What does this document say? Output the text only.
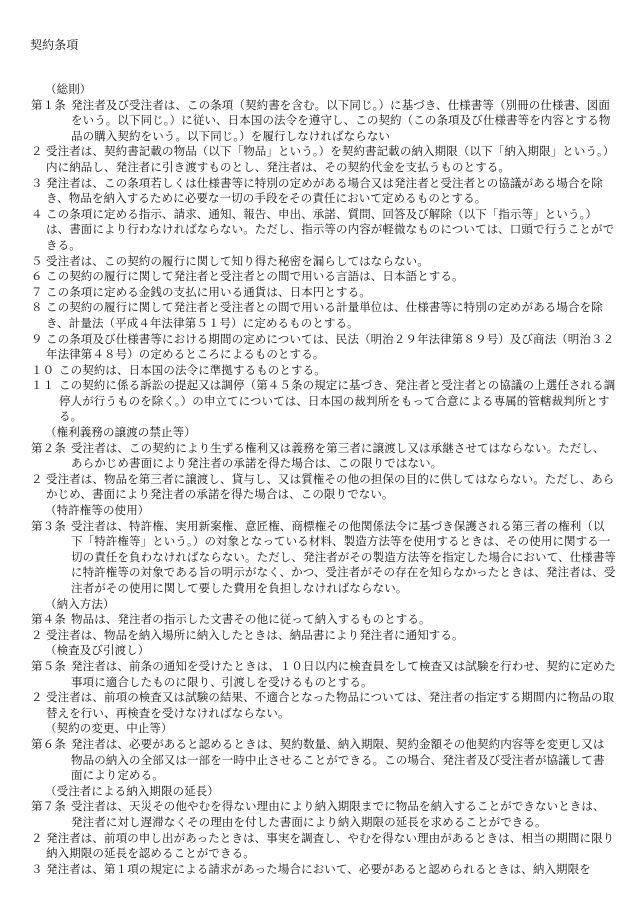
契約条項
（総則）
第１条 発注者及び受注者は、この条項（契約書を含む。以下同じ。）に基づき、仕様書等（別冊の仕様書、図面をいう。以下同じ。）に従い、日本国の法令を遵守し、この契約（この条項及び仕様書等を内容とする物品の購入契約をいう。以下同じ。）を履行しなければならない
２ 受注者は、契約書記載の物品（以下「物品」という。）を契約書記載の納入期限（以下「納入期限」という。）内に納品し、発注者に引き渡すものとし、発注者は、その契約代金を支払うものとする。
３ 発注者は、この条項若しくは仕様書等に特別の定めがある場合又は発注者と受注者との協議がある場合を除き、物品を納入するために必要な一切の手段をその責任において定めるものとする。
４ この条項に定める指示、請求、通知、報告、申出、承諾、質問、回答及び解除（以下「指示等」という。）は、書面により行わなければならない。ただし、指示等の内容が軽微なものについては、口頭で行うことができる。
５ 受注者は、この契約の履行に関して知り得た秘密を漏らしてはならない。
６ この契約の履行に関して発注者と受注者との間で用いる言語は、日本語とする。
７ この条項に定める金銭の支払に用いる通貨は、日本円とする。
８ この契約の履行に関して発注者と受注者との間で用いる計量単位は、仕様書等に特別の定めがある場合を除き、計量法（平成４年法律第５１号）に定めるものとする。
９ この条項及び仕様書等における期間の定めについては、民法（明治２９年法律第８９号）及び商法（明治３２年法律第４８号）の定めるところによるものとする。
１０ この契約は、日本国の法令に準拠するものとする。
１１ この契約に係る訴訟の提起又は調停（第４５条の規定に基づき、発注者と受注者との協議の上選任される調停人が行うものを除く。）の申立てについては、日本国の裁判所をもって合意による専属的管轄裁判所とする。
（権利義務の譲渡の禁止等）
第２条 受注者は、この契約により生ずる権利又は義務を第三者に譲渡し又は承継させてはならない。ただし、あらかじめ書面により発注者の承諾を得た場合は、この限りではない。
２ 受注者は、物品を第三者に譲渡し、貸与し、又は質権その他の担保の目的に供してはならない。ただし、あらかじめ、書面により発注者の承諾を得た場合は、この限りでない。
（特許権等の使用）
第３条 受注者は、特許権、実用新案権、意匠権、商標権その他関係法令に基づき保護される第三者の権利（以下「特許権等」という。）の対象となっている材料、製造方法等を使用するときは、その使用に関する一切の責任を負わなければならない。ただし、発注者がその製造方法等を指定した場合において、仕様書等に特許権等の対象である旨の明示がなく、かつ、受注者がその存在を知らなかったときは、発注者は、受注者がその使用に関して要した費用を負担しなければならない。
（納入方法）
第４条 物品は、発注者の指示した文書その他に従って納入するものとする。
２ 受注者は、物品を納入場所に納入したときは、納品書により発注者に通知する。
（検査及び引渡し）
第５条 発注者は、前条の通知を受けたときは、１０日以内に検査員をして検査又は試験を行わせ、契約に定めた事項に適合したものに限り、引渡しを受けるものとする。
２ 受注者は、前項の検査又は試験の結果、不適合となった物品については、発注者の指定する期間内に物品の取替えを行い、再検査を受けなければならない。
（契約の変更、中止等）
第６条 発注者は、必要があると認めるときは、契約数量、納入期限、契約金額その他契約内容等を変更し又は物品の納入の全部又は一部を一時中止させることができる。この場合、発注者及び受注者が協議して書面により定める。
（受注者による納入期限の延長）
第７条 受注者は、天災その他やむを得ない理由により納入期限までに物品を納入することができないときは、発注者に対し遅滞なくその理由を付した書面により納入期限の延長を求めることができる。
２ 発注者は、前項の申し出があったときは、事実を調査し、やむを得ない理由があるときは、相当の期間に限り納入期限の延長を認めることができる。
３ 発注者は、第１項の規定による請求があった場合において、必要があると認められるときは、納入期限を
